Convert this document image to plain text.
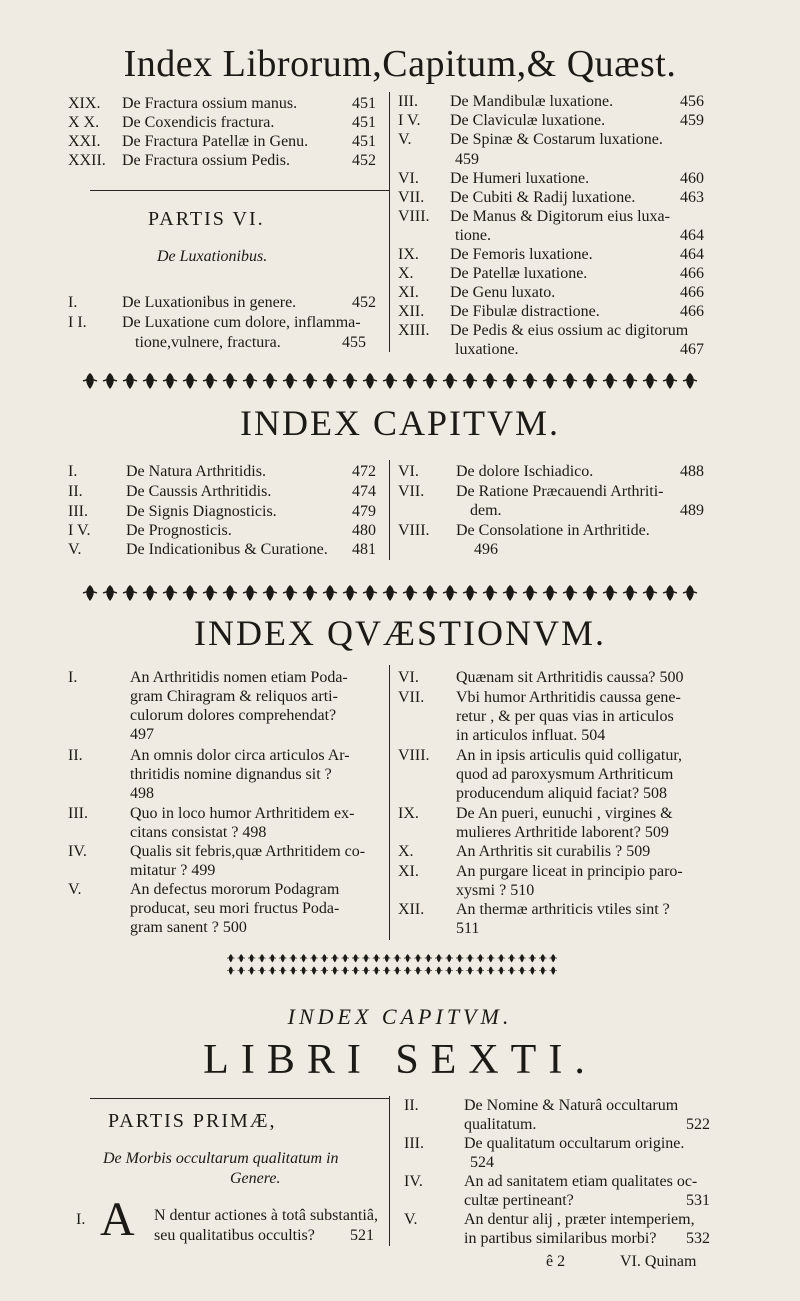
Index Librorum,Capitum,& Quæst.
XIX. De Fractura ossium manus.	451
X X. De Coxendicis fractura.	451
XXI. De Fractura Patellæ in Genu.	451
XXII. De Fractura ossium Pedis.	452
PARTIS VI.
De Luxationibus.
I.	De Luxationibus in genere.	452
I I. De Luxatione cum dolore, inflamma-
tione,vulnere, fractura.	455
III. De Mandibulæ luxatione.	456
I V. De Claviculæ luxatione.	459
V. De Spinæ & Costarum luxatione.
459
VI. De Humeri luxatione.	460
VII. De Cubiti & Radij luxatione.	463
VIII. De Manus & Digitorum eius luxa-
tione.	464
IX. De Femoris luxatione.	464
X. De Patellæ luxatione.	466
XI. De Genu luxato.	466
XII. De Fibulæ distractione.	466
XIII. De Pedis & eius ossium ac digitorum
luxatione.	467
INDEX CAPITVM.
I.	De Natura Arthritidis.	472
II.	De Caussis Arthritidis.	474
III. De Signis Diagnosticis.	479
I V. De Prognosticis.	480
V.	De Indicationibus & Curatione.	481
VI. De dolore Ischiadico.	488
VII. De Ratione Præcauendi Arthriti-
dem.	489
VIII. De Consolatione in Arthritide.
496
INDEX QVÆSTIONVM.
I.	An Arthritidis nomen etiam Poda-
gram Chiragram & reliquos arti-
culorum dolores comprehendat?
497
II.	An omnis dolor circa articulos Ar-
thritidis nomine dignandus sit ?
498
III.	Quo in loco humor Arthritidem ex-
citans consistat ? 498
IV.	Qualis sit febris,quæ Arthritidem co-
mitatur ? 499
V.	An defectus mororum Podagram
producat, seu mori fructus Poda-
gram sanent ? 500
VI.	Quænam sit Arthritidis caussa? 500
VII.	Vbi humor Arthritidis caussa gene-
retur , & per quas vias in articulos
in articulos influat. 504
VIII.	An in ipsis articulis quid colligatur,
quod ad paroxysmum Arthriticum
producendum aliquid faciat? 508
IX.	De An pueri, eunuchi , virgines &
mulieres Arthritide laborent? 509
X.	An Arthritis sit curabilis ? 509
XI.	An purgare liceat in principio paro-
xysmi ? 510
XII.	An thermæ arthriticis vtiles sint ?
511
INDEX CAPITVM.
LIBRI SEXTI.
PARTIS PRIMÆ,
De Morbis occultarum qualitatum in
Genere.
I. A N dentur actiones à totâ substantiâ,
seu qualitatibus occultis?	521
II.	De Nomine & Naturâ occultarum
qualitatum.	522
III.	De qualitatum occultarum origine.
524
IV.	An ad sanitatem etiam qualitates oc-
cultæ pertineant?	531
V.	An dentur alij , præter intemperiem,
in partibus similaribus morbi?	532
ê 2	VI. Quinam
